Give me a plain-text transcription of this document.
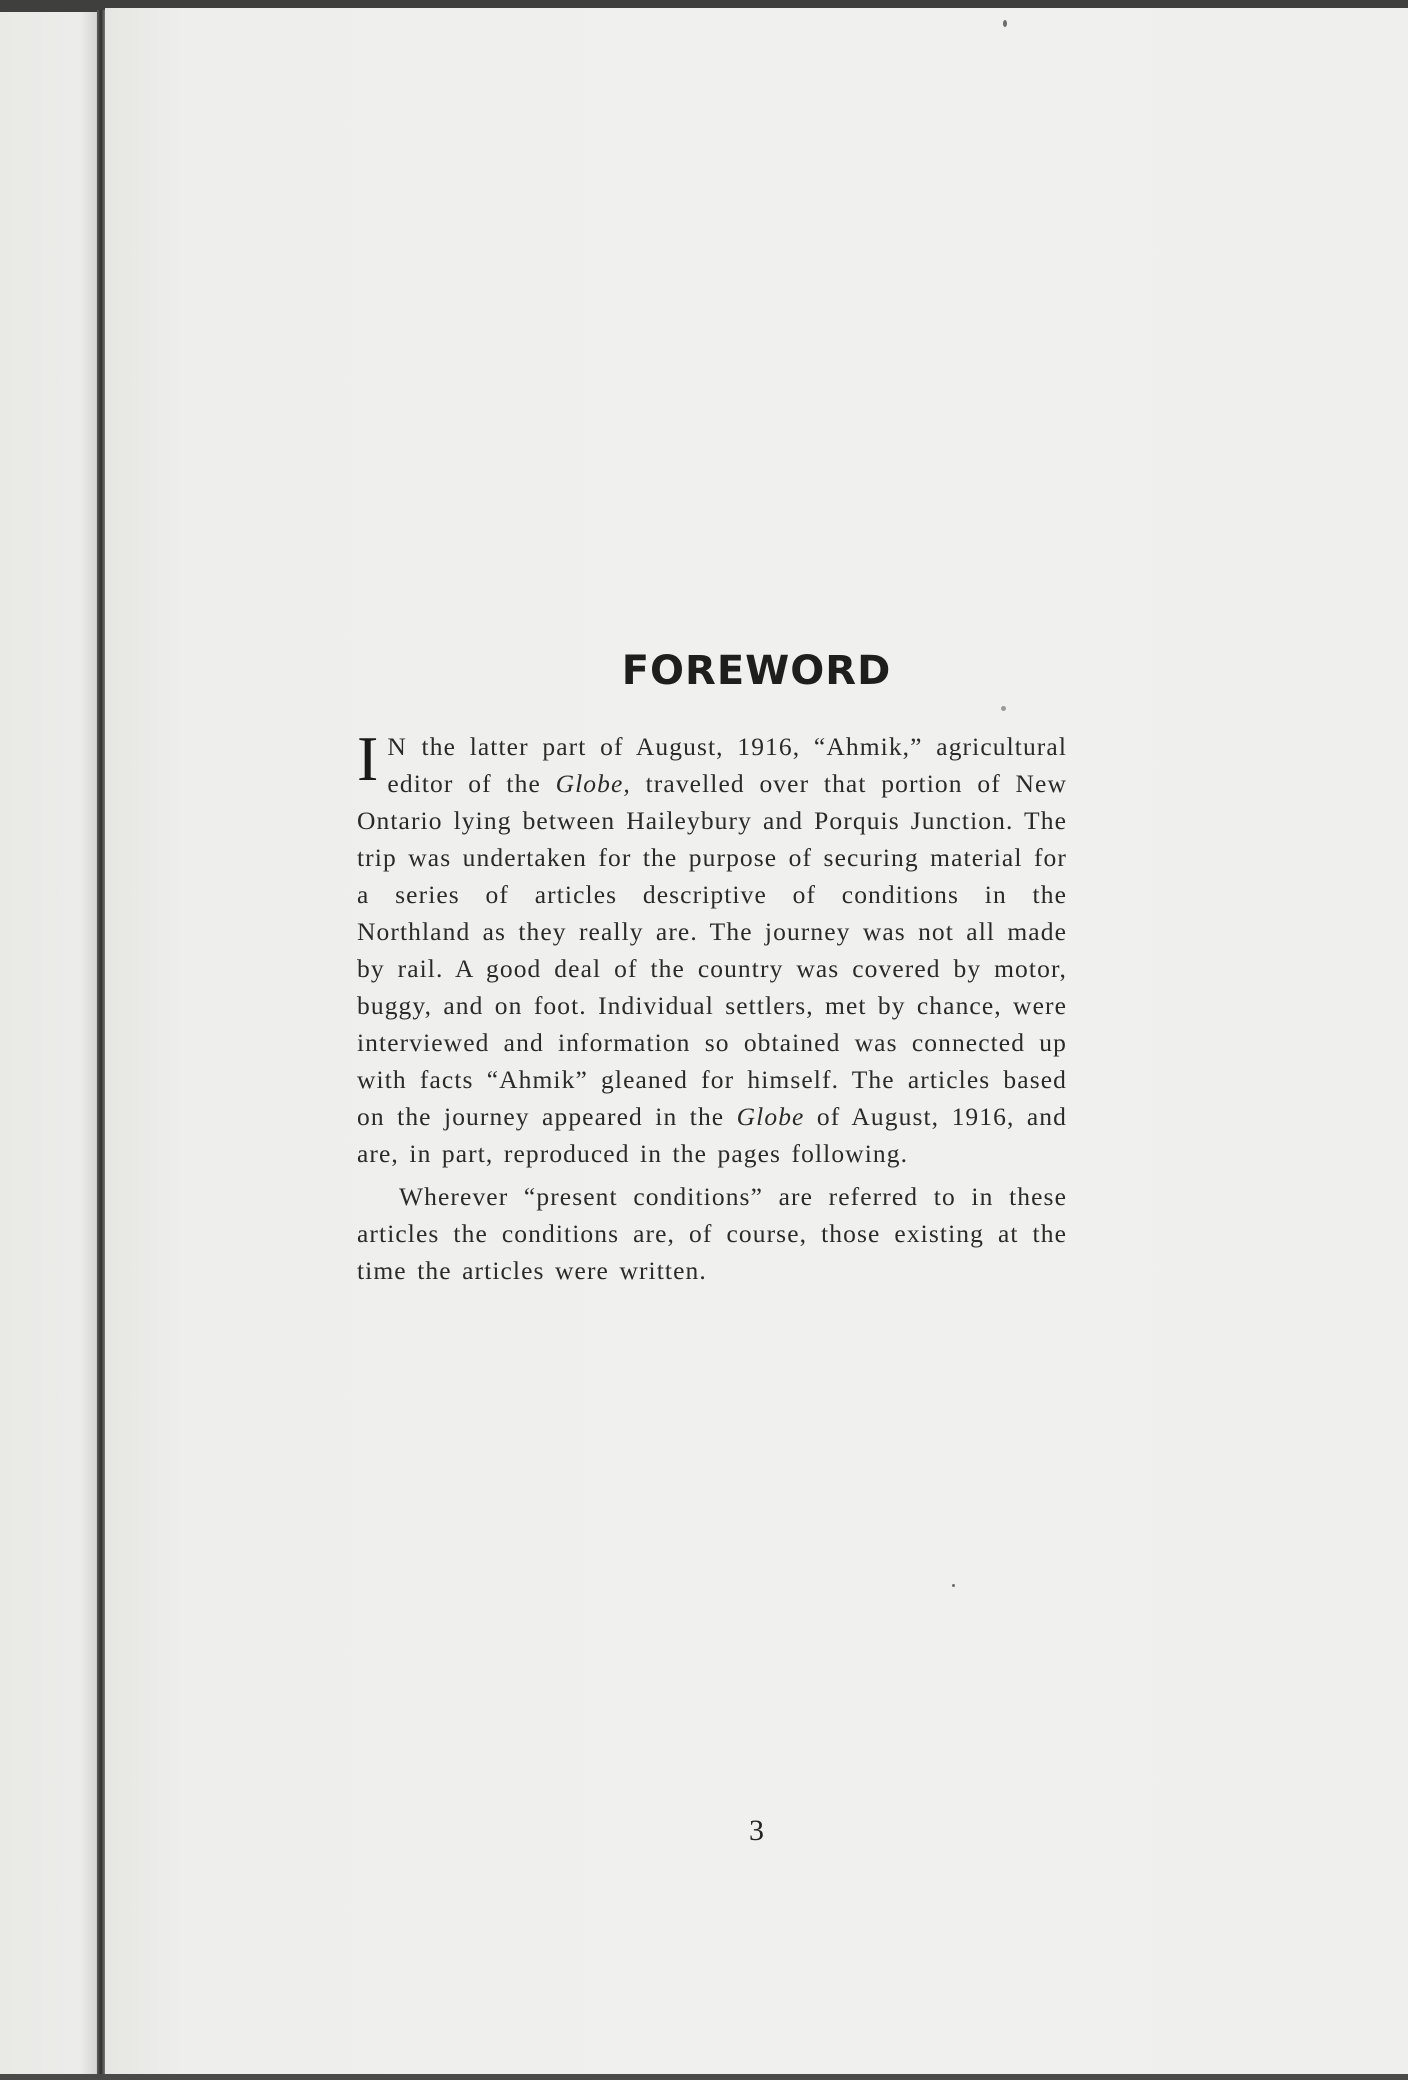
FOREWORD

I N the latter part of August, 1916, “Ahmik,” agricultural editor of the Globe, travelled over that portion of New Ontario lying between Haileybury and Porquis Junction. The trip was undertaken for the purpose of securing material for a series of articles descriptive of conditions in the Northland as they really are. The journey was not all made by rail. A good deal of the country was covered by motor, buggy, and on foot. Individual settlers, met by chance, were interviewed and information so obtained was connected up with facts “Ahmik” gleaned for himself. The articles based on the journey appeared in the Globe of August, 1916, and are, in part, reproduced in the pages following.

Wherever “present conditions” are referred to in these articles the conditions are, of course, those existing at the time the articles were written.

3
